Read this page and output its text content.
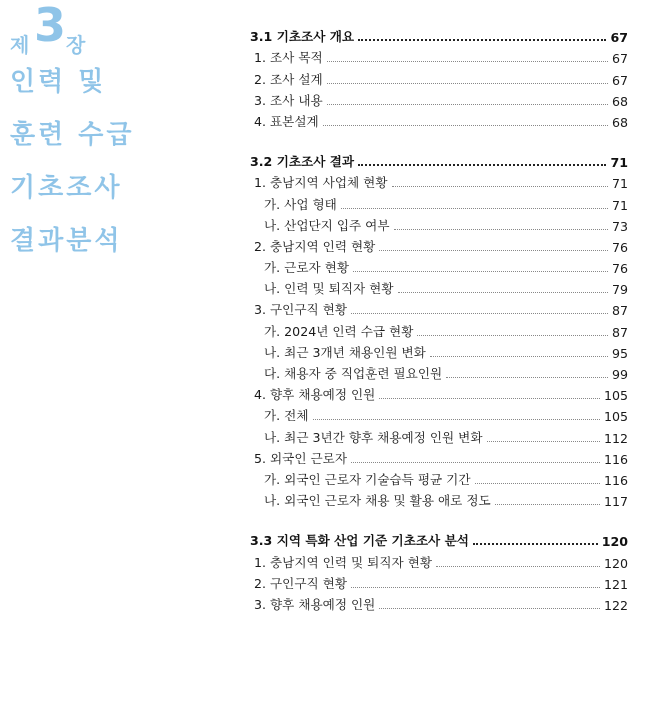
제 3 장
인력 및
훈련 수급
기초조사
결과분석
3.1 기초조사 개요	67
1. 조사 목적	67
2. 조사 설계	67
3. 조사 내용	68
4. 표본설계	68
3.2 기초조사 결과	71
1. 충남지역 사업체 현황	71
가. 사업 형태	71
나. 산업단지 입주 여부	73
2. 충남지역 인력 현황	76
가. 근로자 현황	76
나. 인력 및 퇴직자 현황	79
3. 구인구직 현황	87
가. 2024년 인력 수급 현황	87
나. 최근 3개년 채용인원 변화	95
다. 채용자 중 직업훈련 필요인원	99
4. 향후 채용예정 인원	105
가. 전체	105
나. 최근 3년간 향후 채용예정 인원 변화	112
5. 외국인 근로자	116
가. 외국인 근로자 기술습득 평균 기간	116
나. 외국인 근로자 채용 및 활용 애로 정도	117
3.3 지역 특화 산업 기준 기초조사 분석	120
1. 충남지역 인력 및 퇴직자 현황	120
2. 구인구직 현황	121
3. 향후 채용예정 인원	122
